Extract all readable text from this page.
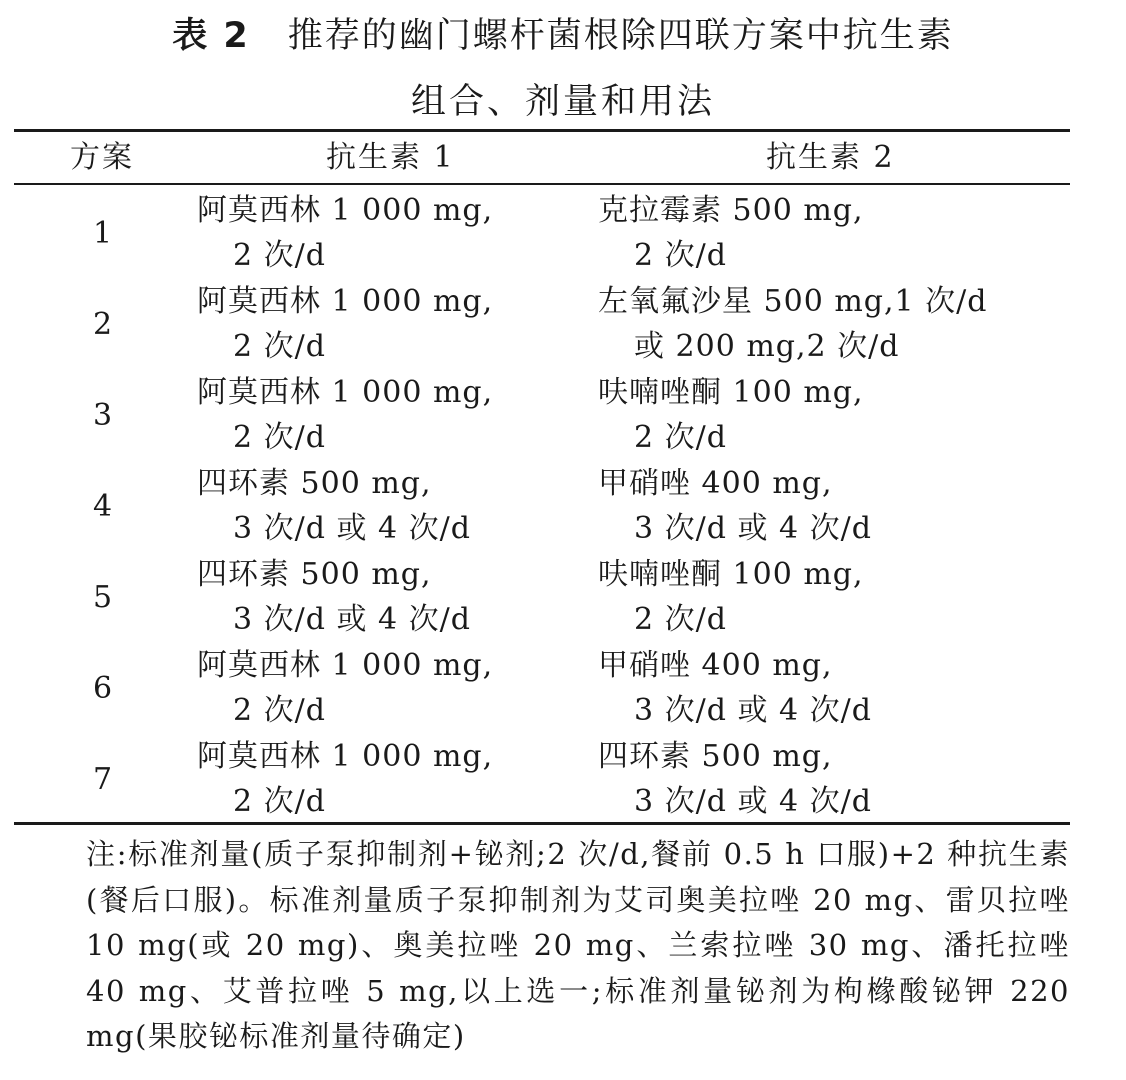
表 2 推荐的幽门螺杆菌根除四联方案中抗生素
组合、剂量和用法
方案	抗生素 1	抗生素 2
1
阿莫西林 1 000 mg,
2 次/d
克拉霉素 500 mg,
2 次/d
2
阿莫西林 1 000 mg,
2 次/d
左氧氟沙星 500 mg,1 次/d
或 200 mg,2 次/d
3
阿莫西林 1 000 mg,
2 次/d
呋喃唑酮 100 mg,
2 次/d
4
四环素 500 mg,
3 次/d 或 4 次/d
甲硝唑 400 mg,
3 次/d 或 4 次/d
5
四环素 500 mg,
3 次/d 或 4 次/d
呋喃唑酮 100 mg,
2 次/d
6
阿莫西林 1 000 mg,
2 次/d
甲硝唑 400 mg,
3 次/d 或 4 次/d
7
阿莫西林 1 000 mg,
2 次/d
四环素 500 mg,
3 次/d 或 4 次/d
注:标准剂量(质子泵抑制剂+铋剂;2 次/d,餐前 0.5 h 口服)+2 种抗生素(餐后口服)。标准剂量质子泵抑制剂为艾司奥美拉唑 20 mg、雷贝拉唑 10 mg(或 20 mg)、奥美拉唑 20 mg、兰索拉唑 30 mg、潘托拉唑 40 mg、艾普拉唑 5 mg,以上选一;标准剂量铋剂为枸橼酸铋钾 220 mg(果胶铋标准剂量待确定)
